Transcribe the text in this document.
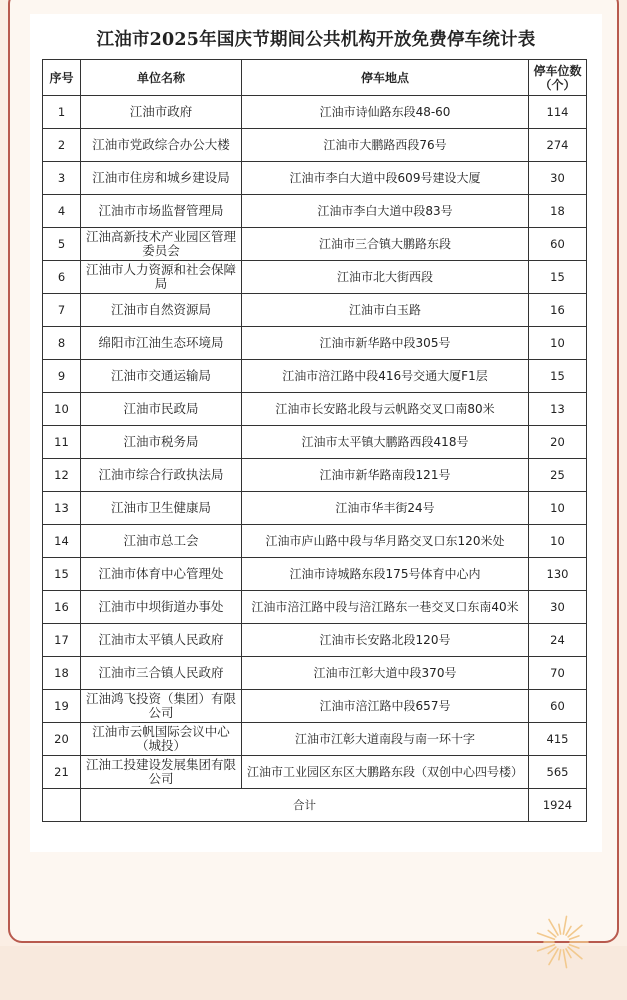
江油市2025年国庆节期间公共机构开放免费停车统计表
序号	单位名称	停车地点	停车位数（个）
1	江油市政府	江油市诗仙路东段48-60	114
2	江油市党政综合办公大楼	江油市大鹏路西段76号	274
3	江油市住房和城乡建设局	江油市李白大道中段609号建设大厦	30
4	江油市市场监督管理局	江油市李白大道中段83号	18
5	江油高新技术产业园区管理委员会	江油市三合镇大鹏路东段	60
6	江油市人力资源和社会保障局	江油市北大街西段	15
7	江油市自然资源局	江油市白玉路	16
8	绵阳市江油生态环境局	江油市新华路中段305号	10
9	江油市交通运输局	江油市涪江路中段416号交通大厦F1层	15
10	江油市民政局	江油市长安路北段与云帆路交叉口南80米	13
11	江油市税务局	江油市太平镇大鹏路西段418号	20
12	江油市综合行政执法局	江油市新华路南段121号	25
13	江油市卫生健康局	江油市华丰街24号	10
14	江油市总工会	江油市庐山路中段与华月路交叉口东120米处	10
15	江油市体育中心管理处	江油市诗城路东段175号体育中心内	130
16	江油市中坝街道办事处	江油市涪江路中段与涪江路东一巷交叉口东南40米	30
17	江油市太平镇人民政府	江油市长安路北段120号	24
18	江油市三合镇人民政府	江油市江彰大道中段370号	70
19	江油鸿飞投资（集团）有限公司	江油市涪江路中段657号	60
20	江油市云帆国际会议中心（城投）	江油市江彰大道南段与南一环十字	415
21	江油工投建设发展集团有限公司	江油市工业园区东区大鹏路东段（双创中心四号楼）	565
	合计		1924
